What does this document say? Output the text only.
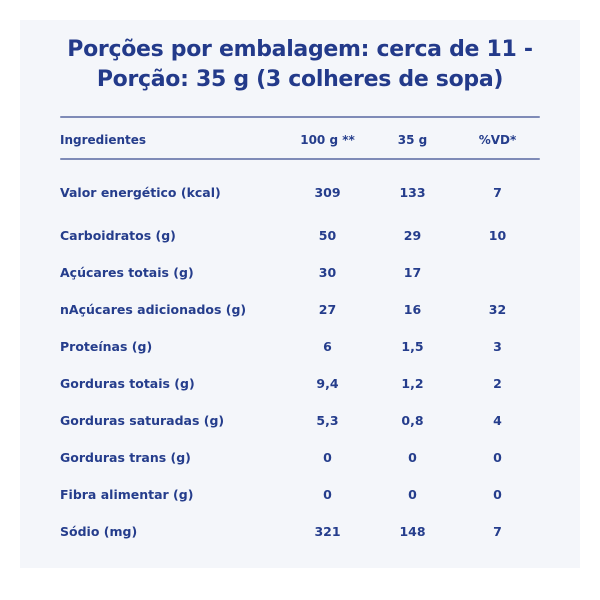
Porções por embalagem: cerca de 11 -
Porção: 35 g (3 colheres de sopa)
Ingredientes	100 g **	35 g	%VD*
Valor energético (kcal)	309	133	7
Carboidratos (g)	50	29	10
Açúcares totais (g)	30	17	
nAçúcares adicionados (g)	27	16	32
Proteínas (g)	6	1,5	3
Gorduras totais (g)	9,4	1,2	2
Gorduras saturadas (g)	5,3	0,8	4
Gorduras trans (g)	0	0	0
Fibra alimentar (g)	0	0	0
Sódio (mg)	321	148	7
